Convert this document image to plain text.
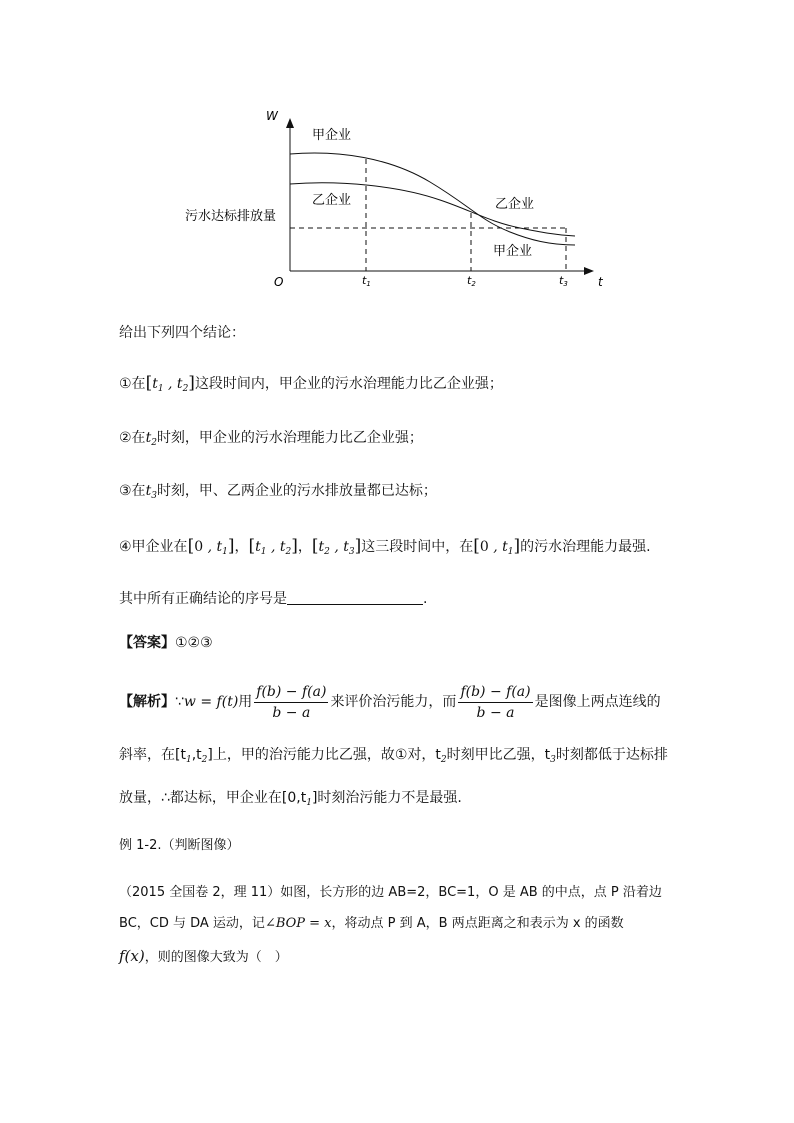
W
t
O	t1	t2	t3
甲企业
乙企业	乙企业
甲企业
污水达标排放量
给出下列四个结论：
①在[$t_1$ , $t_2$]这段时间内，甲企业的污水治理能力比乙企业强；
②在$t_2$时刻，甲企业的污水治理能力比乙企业强；
③在$t_3$时刻，甲、乙两企业的污水排放量都已达标；
④甲企业在[0 , $t_1$]，[$t_1$ , $t_2$]，[$t_2$ , $t_3$]这三段时间中，在[0 , $t_1$]的污水治理能力最强.
其中所有正确结论的序号是	.
【答案】①②③
【解析】∵w = f(t)用 $\frac{f(b) - f(a)}{b - a}$ 来评价治污能力，而 $\frac{f(b) - f(a)}{b - a}$ 是图像上两点连线的
斜率，在$[t_1,t_2]$上，甲的治污能力比乙强，故①对，$t_2$时刻甲比乙强，$t_3$时刻都低于达标排
放量，∴都达标，甲企业在$[0,t_1]$时刻治污能力不是最强.
例 1-2.（判断图像）
（2015 全国卷 2，理 11）如图，长方形的边 AB=2，BC=1，O 是 AB 的中点，点 P 沿着边
BC，CD 与 DA 运动，记∠BOP = x，将动点 P 到 A，B 两点距离之和表示为 x 的函数
f(x)，则的图像大致为（　）
